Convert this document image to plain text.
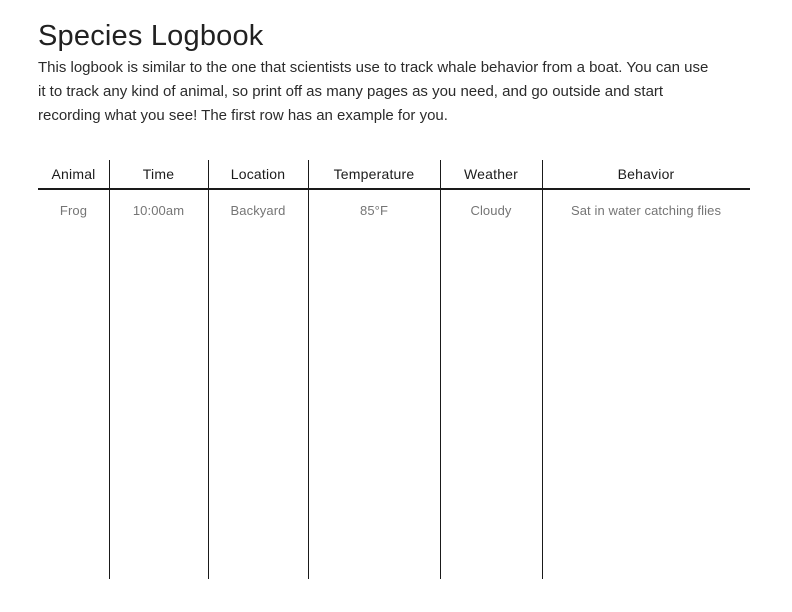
Species Logbook
This logbook is similar to the one that scientists use to track whale behavior from a boat. You can use
it to track any kind of animal, so print off as many pages as you need, and go outside and start
recording what you see! The first row has an example for you.
Animal	Time	Location	Temperature	Weather	Behavior
Frog	10:00am	Backyard	85°F	Cloudy	Sat in water catching flies
